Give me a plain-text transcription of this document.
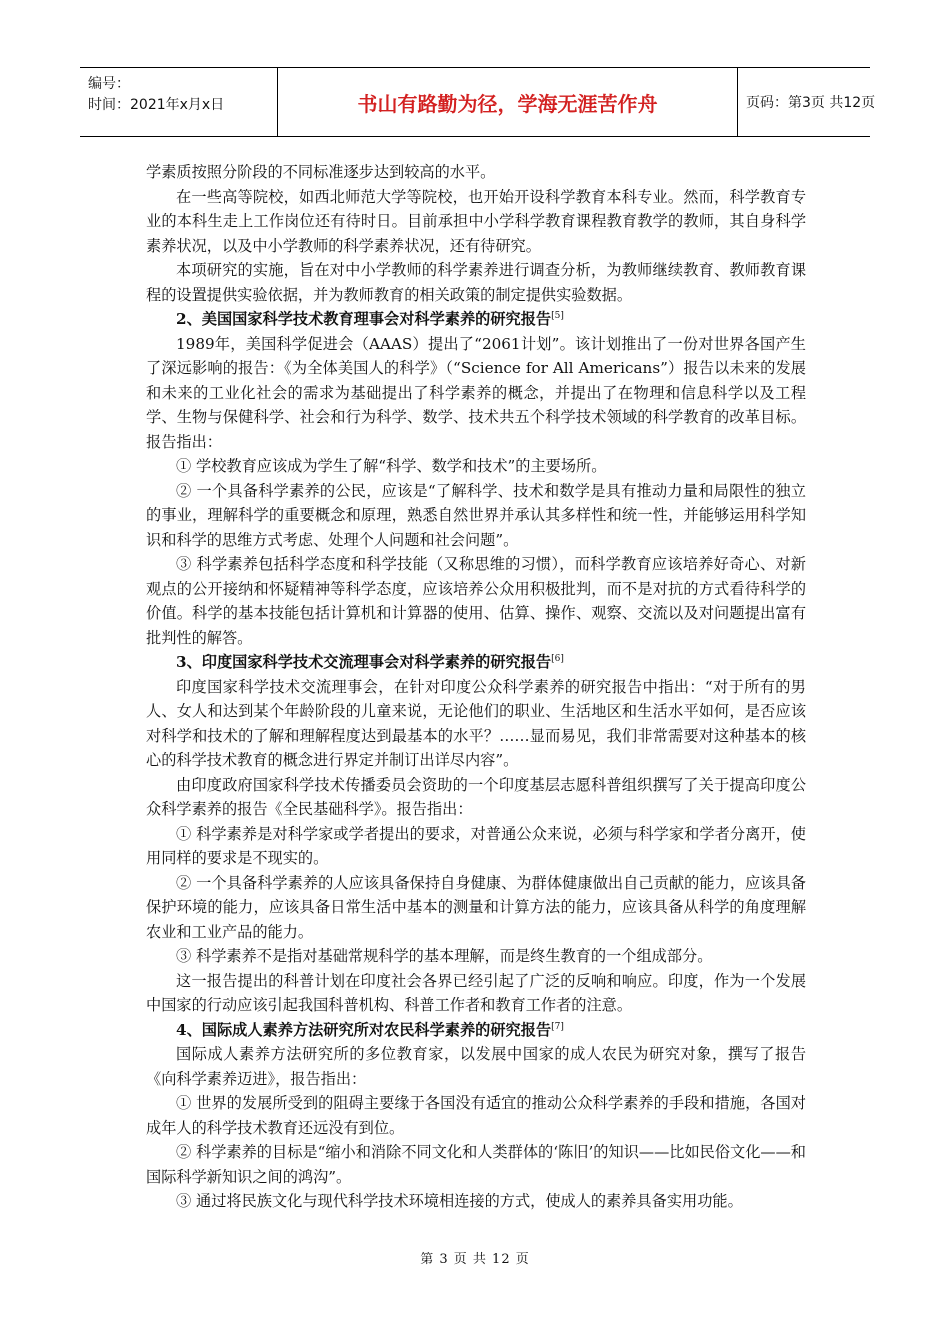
编号：
时间：2021年x月x日	书山有路勤为径，学海无涯苦作舟	页码：第3页 共12页

学素质按照分阶段的不同标准逐步达到较高的水平。

在一些高等院校，如西北师范大学等院校，也开始开设科学教育本科专业。然而，科学教育专业的本科生走上工作岗位还有待时日。目前承担中小学科学教育课程教育教学的教师，其自身科学素养状况，以及中小学教师的科学素养状况，还有待研究。

本项研究的实施，旨在对中小学教师的科学素养进行调查分析，为教师继续教育、教师教育课程的设置提供实验依据，并为教师教育的相关政策的制定提供实验数据。

2、美国国家科学技术教育理事会对科学素养的研究报告[5]

1989年，美国科学促进会（AAAS）提出了“2061计划”。该计划推出了一份对世界各国产生了深远影响的报告：《为全体美国人的科学》（“Science for All Americans”）报告以未来的发展和未来的工业化社会的需求为基础提出了科学素养的概念，并提出了在物理和信息科学以及工程学、生物与保健科学、社会和行为科学、数学、技术共五个科学技术领域的科学教育的改革目标。报告指出：

① 学校教育应该成为学生了解“科学、数学和技术”的主要场所。

② 一个具备科学素养的公民，应该是“了解科学、技术和数学是具有推动力量和局限性的独立的事业，理解科学的重要概念和原理，熟悉自然世界并承认其多样性和统一性，并能够运用科学知识和科学的思维方式考虑、处理个人问题和社会问题”。

③ 科学素养包括科学态度和科学技能（又称思维的习惯），而科学教育应该培养好奇心、对新观点的公开接纳和怀疑精神等科学态度，应该培养公众用积极批判，而不是对抗的方式看待科学的价值。科学的基本技能包括计算机和计算器的使用、估算、操作、观察、交流以及对问题提出富有批判性的解答。

3、印度国家科学技术交流理事会对科学素养的研究报告[6]

印度国家科学技术交流理事会，在针对印度公众科学素养的研究报告中指出：“对于所有的男人、女人和达到某个年龄阶段的儿童来说，无论他们的职业、生活地区和生活水平如何，是否应该对科学和技术的了解和理解程度达到最基本的水平？……显而易见，我们非常需要对这种基本的核心的科学技术教育的概念进行界定并制订出详尽内容”。

由印度政府国家科学技术传播委员会资助的一个印度基层志愿科普组织撰写了关于提高印度公众科学素养的报告《全民基础科学》。报告指出：

① 科学素养是对科学家或学者提出的要求，对普通公众来说，必须与科学家和学者分离开，使用同样的要求是不现实的。

② 一个具备科学素养的人应该具备保持自身健康、为群体健康做出自己贡献的能力，应该具备保护环境的能力，应该具备日常生活中基本的测量和计算方法的能力，应该具备从科学的角度理解农业和工业产品的能力。

③ 科学素养不是指对基础常规科学的基本理解，而是终生教育的一个组成部分。

这一报告提出的科普计划在印度社会各界已经引起了广泛的反响和响应。印度，作为一个发展中国家的行动应该引起我国科普机构、科普工作者和教育工作者的注意。

4、国际成人素养方法研究所对农民科学素养的研究报告[7]

国际成人素养方法研究所的多位教育家，以发展中国家的成人农民为研究对象，撰写了报告《向科学素养迈进》，报告指出：

① 世界的发展所受到的阻碍主要缘于各国没有适宜的推动公众科学素养的手段和措施，各国对成年人的科学技术教育还远没有到位。

② 科学素养的目标是“缩小和消除不同文化和人类群体的‘陈旧’的知识——比如民俗文化——和国际科学新知识之间的鸿沟”。

③ 通过将民族文化与现代科学技术环境相连接的方式，使成人的素养具备实用功能。

第 3 页 共 12 页
